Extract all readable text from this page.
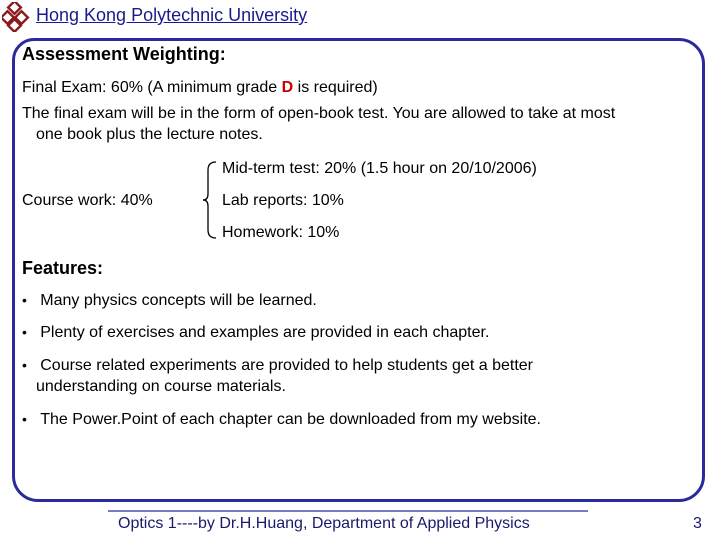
Hong Kong Polytechnic University
Assessment Weighting:
Final Exam: 60% (A minimum grade D is required)
The final exam will be in the form of open-book test. You are allowed to take at most
one book plus the lecture notes.
Mid-term test: 20% (1.5 hour on 20/10/2006)
Course work: 40%	Lab reports: 10%
Homework: 10%
Features:
• Many physics concepts will be learned.
• Plenty of exercises and examples are provided in each chapter.
• Course related experiments are provided to help students get a better
understanding on course materials.
• The Power.Point of each chapter can be downloaded from my website.
Optics 1----by Dr.H.Huang, Department of Applied Physics	3
